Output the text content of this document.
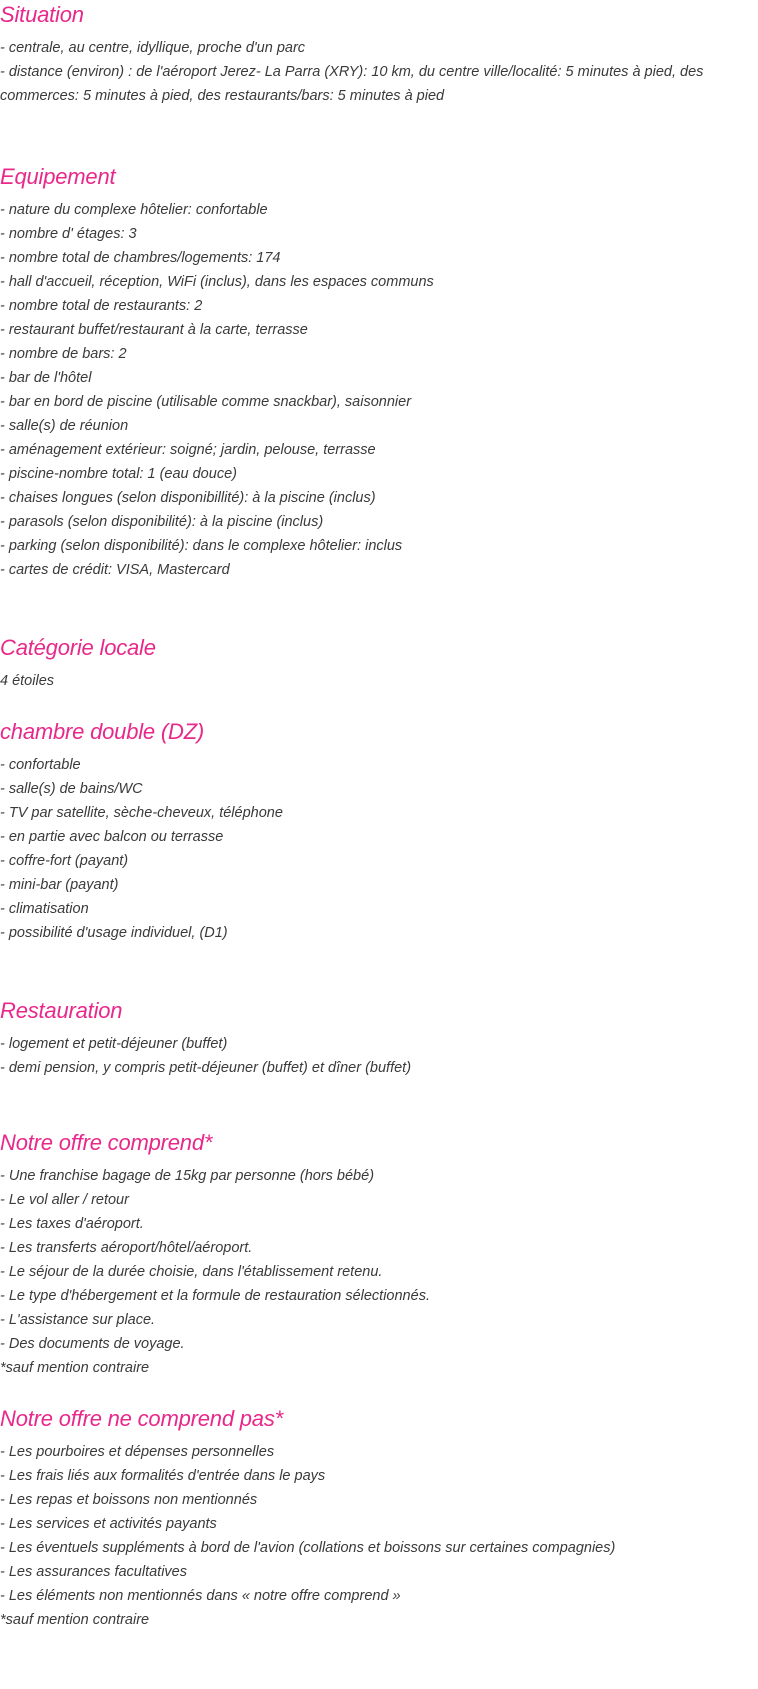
Situation
- centrale, au centre, idyllique, proche d'un parc
- distance (environ) : de l'aéroport Jerez- La Parra (XRY): 10 km, du centre ville/localité: 5 minutes à pied, des commerces: 5 minutes à pied, des restaurants/bars: 5 minutes à pied
Equipement
- nature du complexe hôtelier: confortable
- nombre d' étages: 3
- nombre total de chambres/logements: 174
- hall d'accueil, réception, WiFi (inclus), dans les espaces communs
- nombre total de restaurants: 2
- restaurant buffet/restaurant à la carte, terrasse
- nombre de bars: 2
- bar de l'hôtel
- bar en bord de piscine (utilisable comme snackbar), saisonnier
- salle(s) de réunion
- aménagement extérieur: soigné; jardin, pelouse, terrasse
- piscine-nombre total: 1 (eau douce)
- chaises longues (selon disponibillité): à la piscine (inclus)
- parasols (selon disponibilité): à la piscine (inclus)
- parking (selon disponibilité): dans le complexe hôtelier: inclus
- cartes de crédit: VISA, Mastercard
Catégorie locale
4 étoiles
chambre double (DZ)
- confortable
- salle(s) de bains/WC
- TV par satellite, sèche-cheveux, téléphone
- en partie avec balcon ou terrasse
- coffre-fort (payant)
- mini-bar (payant)
- climatisation
- possibilité d'usage individuel, (D1)
Restauration
- logement et petit-déjeuner (buffet)
- demi pension, y compris petit-déjeuner (buffet) et dîner (buffet)
Notre offre comprend*
- Une franchise bagage de 15kg par personne (hors bébé)
- Le vol aller / retour
- Les taxes d'aéroport.
- Les transferts aéroport/hôtel/aéroport.
- Le séjour de la durée choisie, dans l'établissement retenu.
- Le type d'hébergement et la formule de restauration sélectionnés.
- L'assistance sur place.
- Des documents de voyage.
*sauf mention contraire
Notre offre ne comprend pas*
- Les pourboires et dépenses personnelles
- Les frais liés aux formalités d'entrée dans le pays
- Les repas et boissons non mentionnés
- Les services et activités payants
- Les éventuels suppléments à bord de l'avion (collations et boissons sur certaines compagnies)
- Les assurances facultatives
- Les éléments non mentionnés dans « notre offre comprend »
*sauf mention contraire
